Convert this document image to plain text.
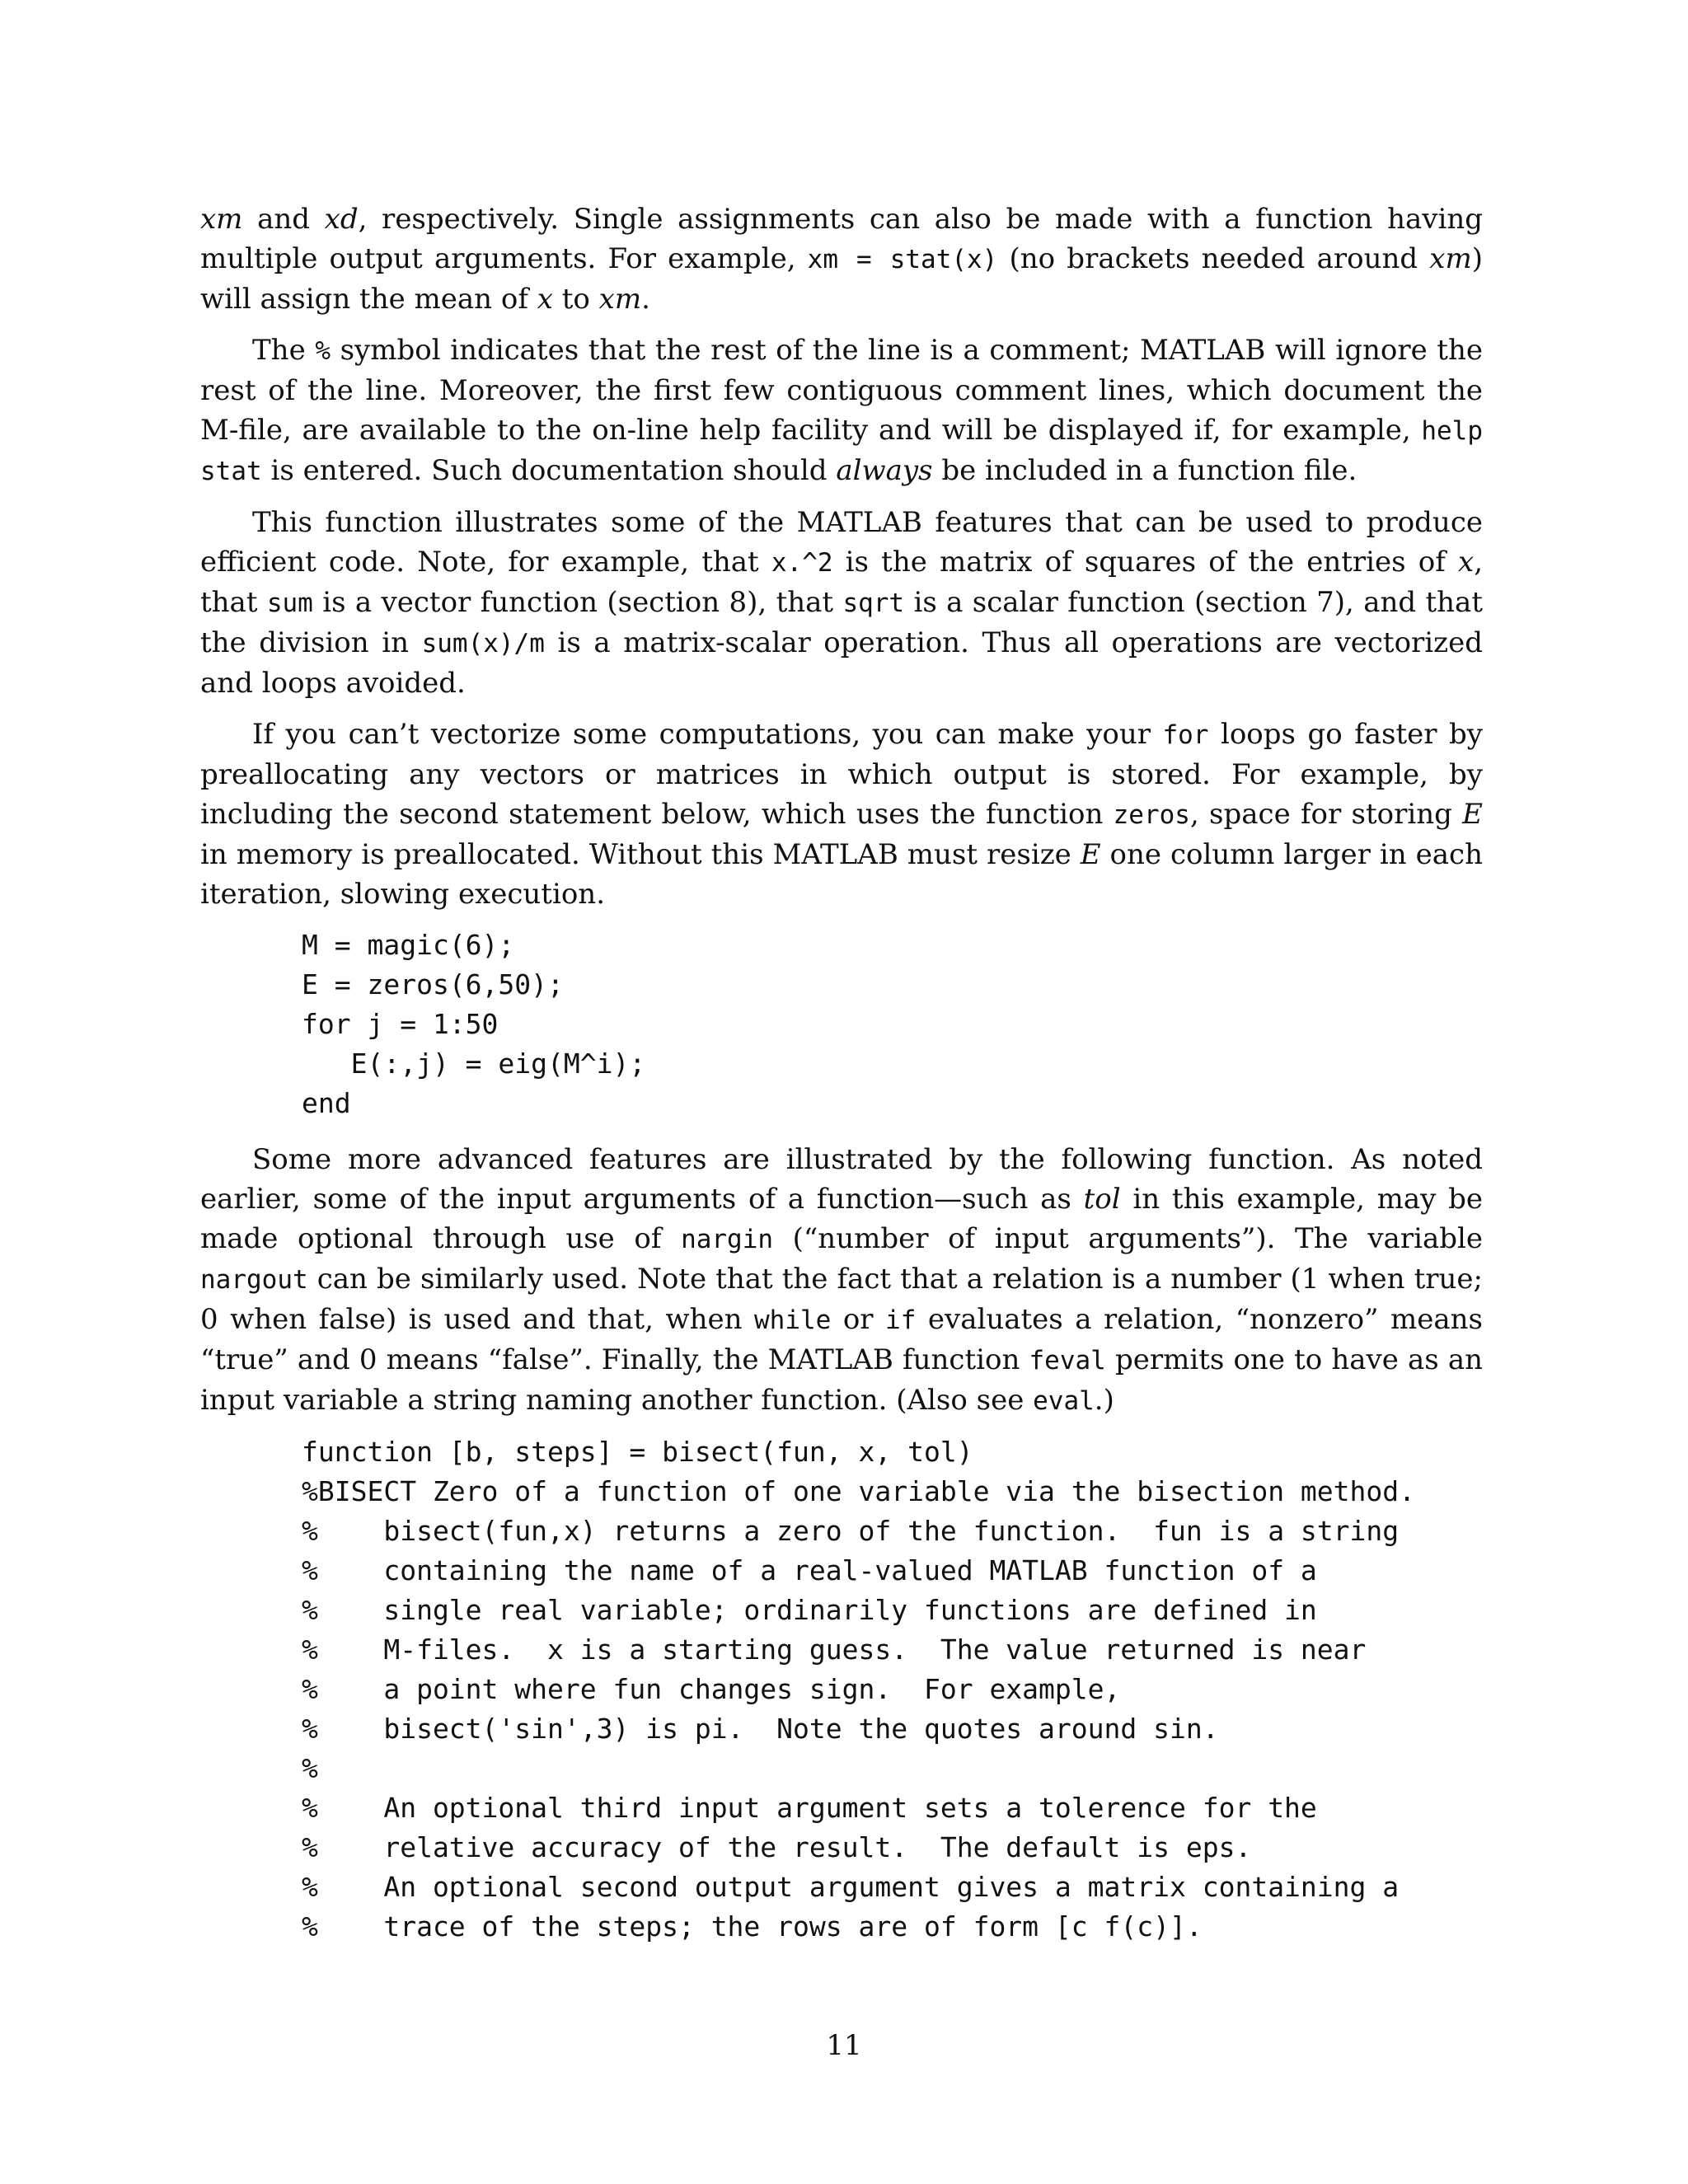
xm and xd, respectively. Single assignments can also be made with a function having multiple output arguments. For example, xm = stat(x) (no brackets needed around xm) will assign the mean of x to xm.

The % symbol indicates that the rest of the line is a comment; MATLAB will ignore the rest of the line. Moreover, the first few contiguous comment lines, which document the M-file, are available to the on-line help facility and will be displayed if, for example, help stat is entered. Such documentation should always be included in a function file.

This function illustrates some of the MATLAB features that can be used to produce efficient code. Note, for example, that x.^2 is the matrix of squares of the entries of x, that sum is a vector function (section 8), that sqrt is a scalar function (section 7), and that the division in sum(x)/m is a matrix-scalar operation. Thus all operations are vectorized and loops avoided.

If you can’t vectorize some computations, you can make your for loops go faster by preallocating any vectors or matrices in which output is stored. For example, by including the second statement below, which uses the function zeros, space for storing E in memory is preallocated. Without this MATLAB must resize E one column larger in each iteration, slowing execution.

M = magic(6);
E = zeros(6,50);
for j = 1:50
E(:,j) = eig(M^i);
end

Some more advanced features are illustrated by the following function. As noted earlier, some of the input arguments of a function—such as tol in this example, may be made optional through use of nargin (“number of input arguments”). The variable nargout can be similarly used. Note that the fact that a relation is a number (1 when true; 0 when false) is used and that, when while or if evaluates a relation, “nonzero” means “true” and 0 means “false”. Finally, the MATLAB function feval permits one to have as an input variable a string naming another function. (Also see eval.)

function [b, steps] = bisect(fun, x, tol)
%BISECT Zero of a function of one variable via the bisection method.
%    bisect(fun,x) returns a zero of the function.  fun is a string
%    containing the name of a real-valued MATLAB function of a
%    single real variable; ordinarily functions are defined in
%    M-files.  x is a starting guess.  The value returned is near
%    a point where fun changes sign.  For example,
%    bisect('sin',3) is pi.  Note the quotes around sin.
%
%    An optional third input argument sets a tolerence for the
%    relative accuracy of the result.  The default is eps.
%    An optional second output argument gives a matrix containing a
%    trace of the steps; the rows are of form [c f(c)].
11
